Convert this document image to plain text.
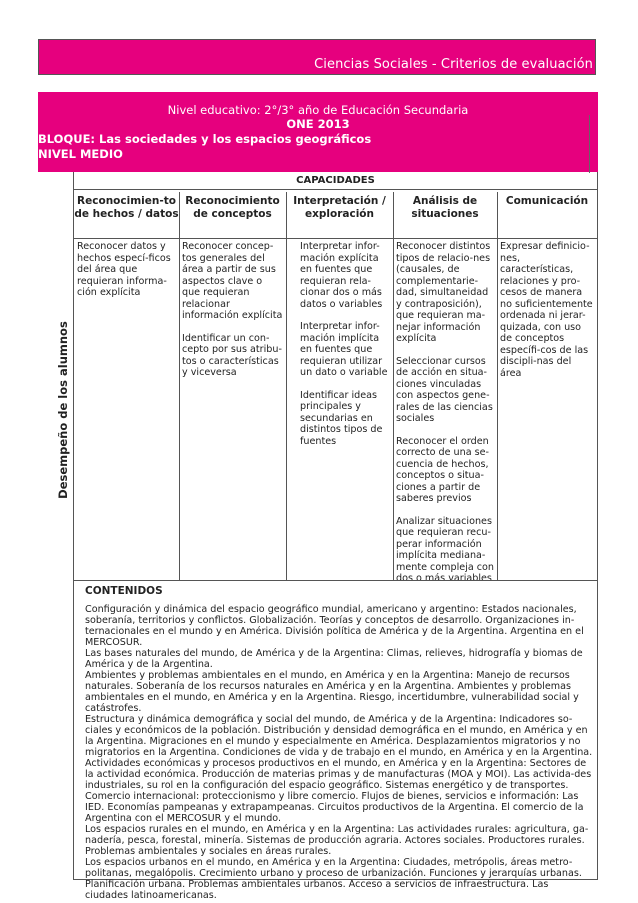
Ciencias Sociales - Criterios de evaluación
Nivel educativo: 2°/3° año de Educación Secundaria
ONE 2013
BLOQUE: Las sociedades y los espacios geográficos
NIVEL MEDIO
Desempeño de los alumnos
CAPACIDADES
Reconocimien-to de hechos / datos

Reconocer datos y hechos especí-ficos del área que requieran informa-ción explícita

Reconocimiento de conceptos

Reconocer concep-tos generales del área a partir de sus aspectos clave o que requieran relacionar información explícita

Identificar un con-cepto por sus atribu-tos o características y viceversa

Interpretación / exploración

Interpretar infor-mación explícita en fuentes que requieran rela-cionar dos o más datos o variables

Interpretar infor-mación implícita en fuentes que requieran utilizar un dato o variable

Identificar ideas principales y secundarias en distintos tipos de fuentes

Análisis de situaciones

Reconocer distintos tipos de relacio-nes (causales, de complementarie-dad, simultaneidad y contraposición), que requieran ma-nejar información explícita

Seleccionar cursos de acción en situa-ciones vinculadas con aspectos gene-rales de las ciencias sociales

Reconocer el orden correcto de una se-cuencia de hechos, conceptos o situa-ciones a partir de saberes previos

Analizar situaciones que requieran recu-perar información implícita mediana-mente compleja con dos o más variables

Comunicación

Expresar definicio-nes, características, relaciones y pro-cesos de manera no suficientemente ordenada ni jerar-quizada, con uso de conceptos específi-cos de las discipli-nas del área

CONTENIDOS

Configuración y dinámica del espacio geográfico mundial, americano y argentino: Estados nacionales, soberanía, territorios y conflictos. Globalización. Teorías y conceptos de desarrollo. Organizaciones in-ternacionales en el mundo y en América. División política de América y de la Argentina. Argentina en el MERCOSUR.

Las bases naturales del mundo, de América y de la Argentina: Climas, relieves, hidrografía y biomas de América y de la Argentina.

Ambientes y problemas ambientales en el mundo, en América y en la Argentina: Manejo de recursos naturales. Soberanía de los recursos naturales en América y en la Argentina. Ambientes y problemas ambientales en el mundo, en América y en la Argentina. Riesgo, incertidumbre, vulnerabilidad social y catástrofes.

Estructura y dinámica demográfica y social del mundo, de América y de la Argentina: Indicadores so-ciales y económicos de la población. Distribución y densidad demográfica en el mundo, en América y en la Argentina. Migraciones en el mundo y especialmente en América. Desplazamientos migratorios y no migratorios en la Argentina. Condiciones de vida y de trabajo en el mundo, en América y en la Argentina.

Actividades económicas y procesos productivos en el mundo, en América y en la Argentina: Sectores de la actividad económica. Producción de materias primas y de manufacturas (MOA y MOI). Las activida-des industriales, su rol en la configuración del espacio geográfico. Sistemas energético y de transportes. Comercio internacional: proteccionismo y libre comercio. Flujos de bienes, servicios e información: Las IED. Economías pampeanas y extrapampeanas. Circuitos productivos de la Argentina. El comercio de la Argentina con el MERCOSUR y el mundo.

Los espacios rurales en el mundo, en América y en la Argentina: Las actividades rurales: agricultura, ga-nadería, pesca, forestal, minería. Sistemas de producción agraria. Actores sociales. Productores rurales. Problemas ambientales y sociales en áreas rurales.

Los espacios urbanos en el mundo, en América y en la Argentina: Ciudades, metrópolis, áreas metro-politanas, megalópolis. Crecimiento urbano y proceso de urbanización. Funciones y jerarquías urbanas. Planificación urbana. Problemas ambientales urbanos. Acceso a servicios de infraestructura. Las ciudades latinoamericanas.
